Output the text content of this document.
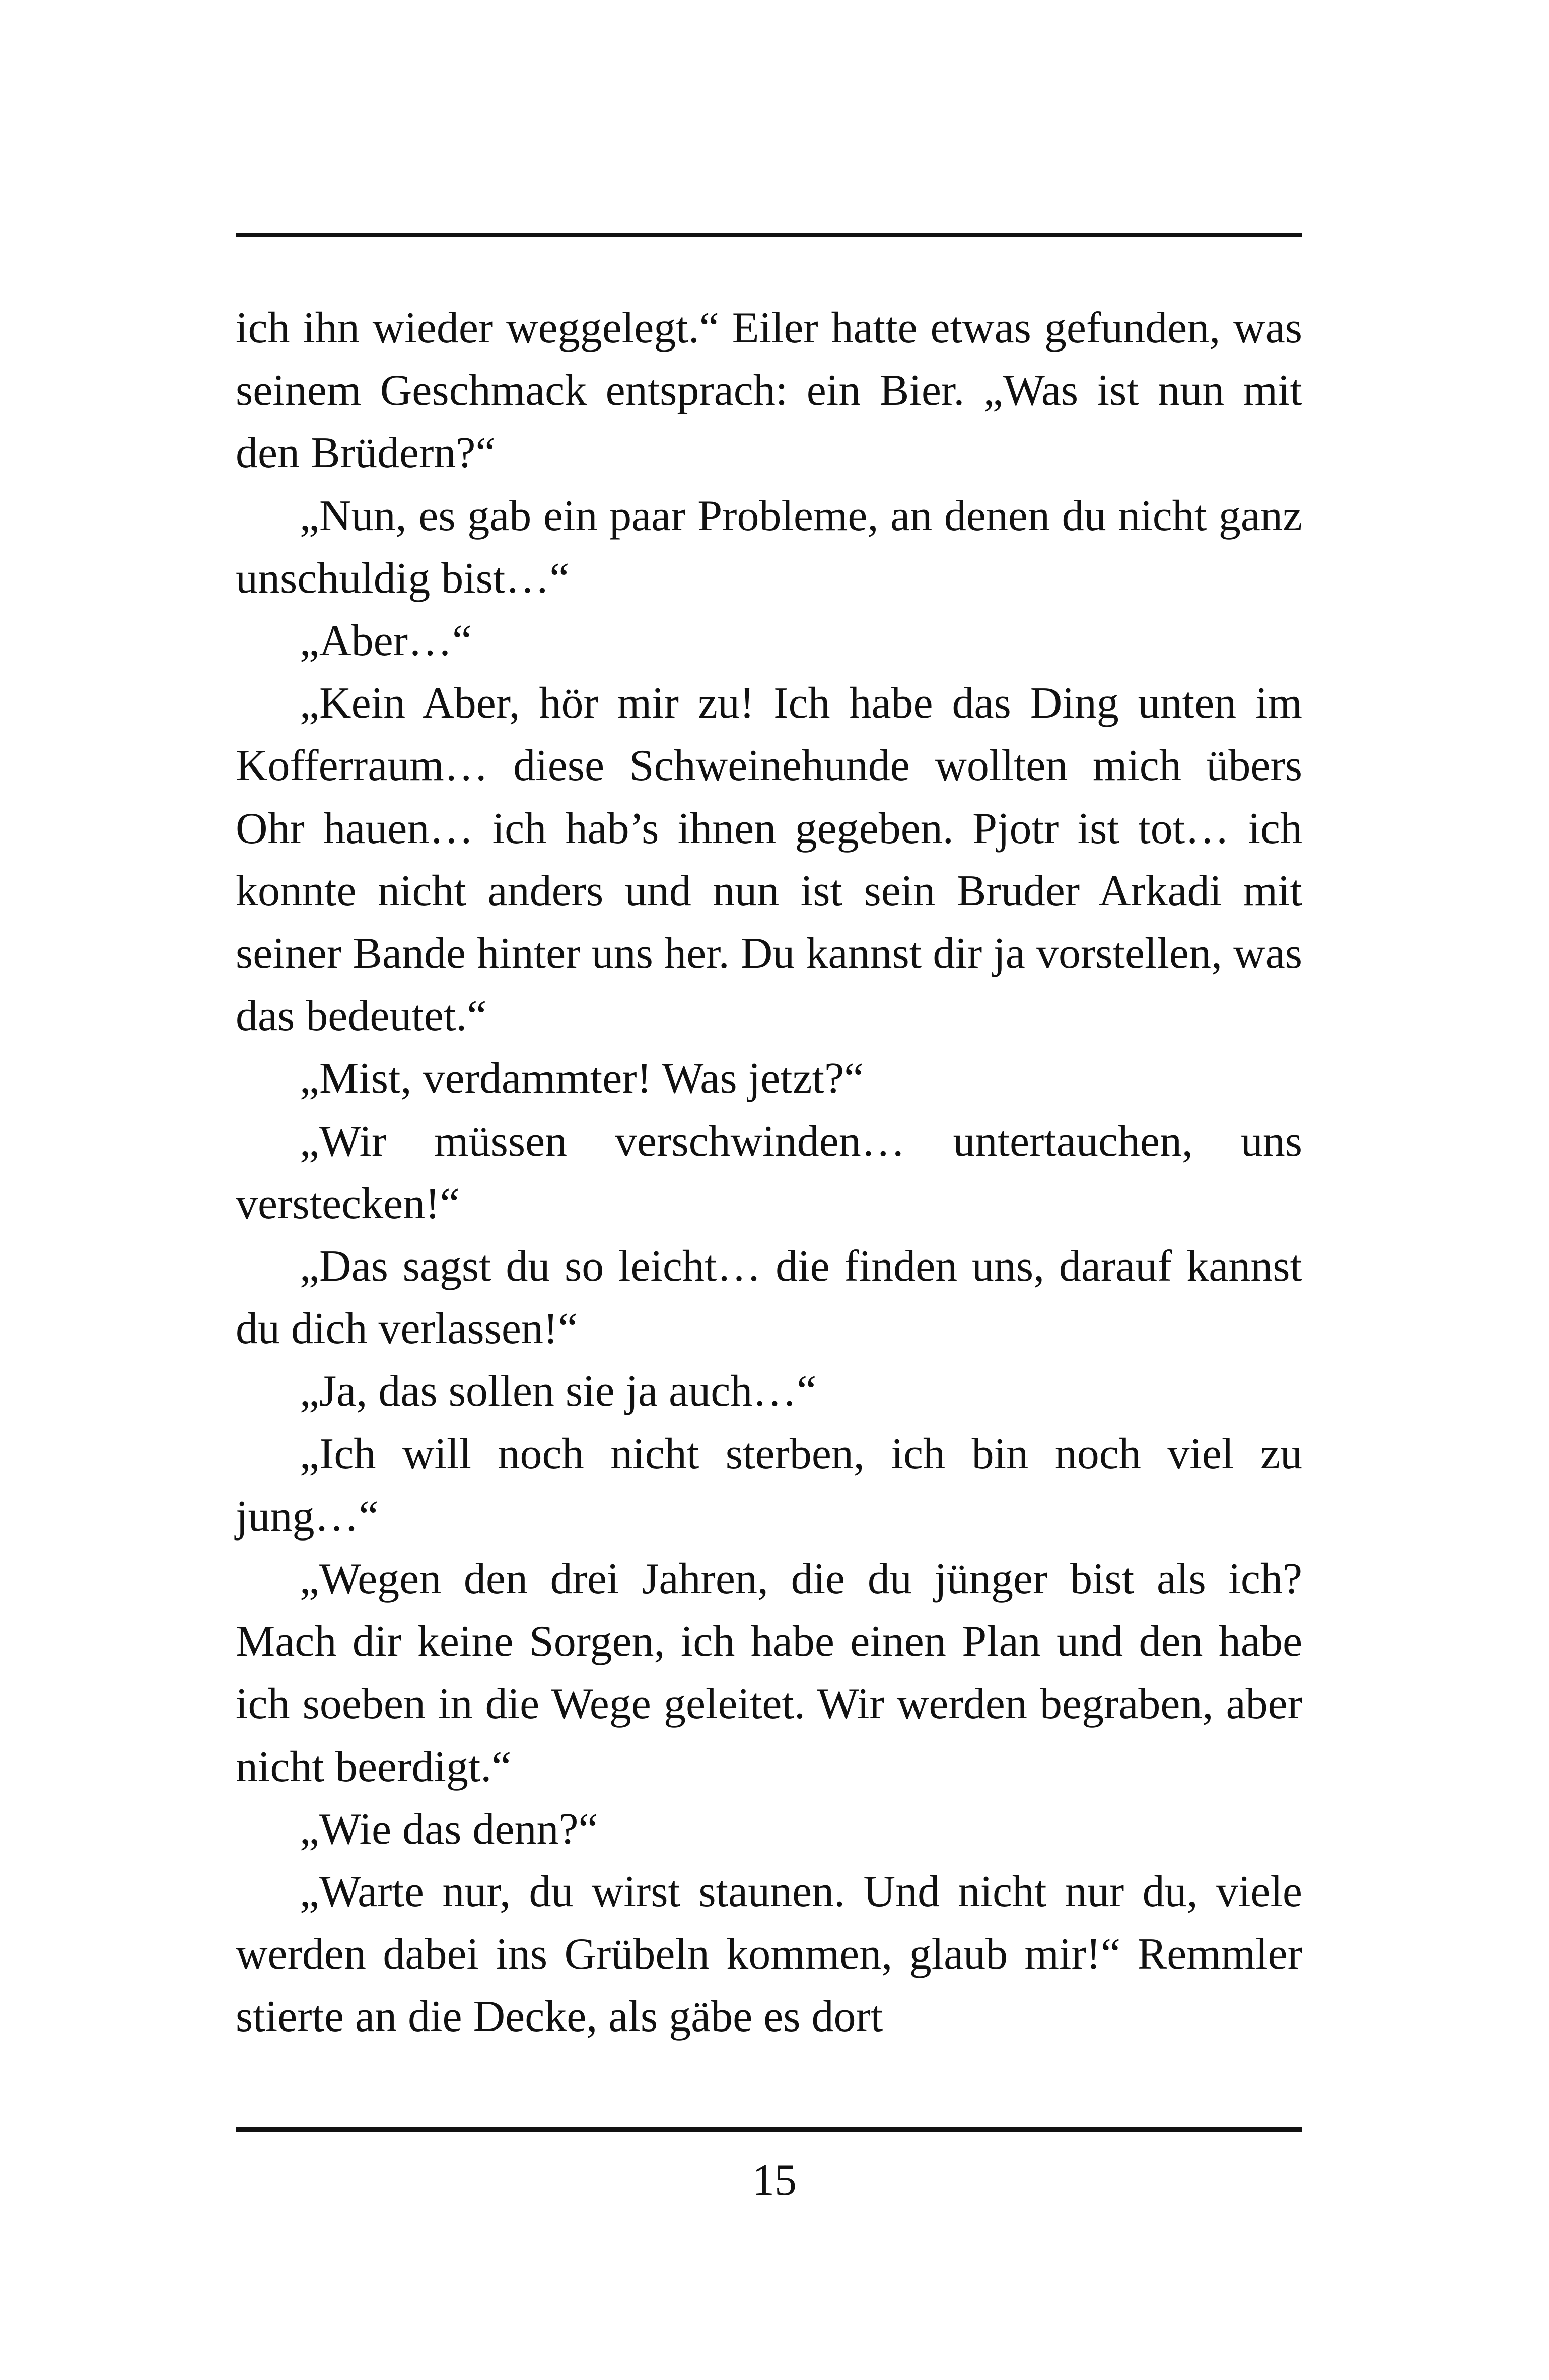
ich ihn wieder weggelegt.“ Eiler hatte etwas gefunden, was seinem Geschmack entsprach: ein Bier. „Was ist nun mit den Brüdern?“

„Nun, es gab ein paar Probleme, an denen du nicht ganz unschuldig bist…“

„Aber…“

„Kein Aber, hör mir zu! Ich habe das Ding unten im Kofferraum… diese Schweinehunde wollten mich übers Ohr hauen… ich hab’s ihnen gegeben. Pjotr ist tot… ich konnte nicht anders und nun ist sein Bruder Arkadi mit seiner Bande hinter uns her. Du kannst dir ja vorstellen, was das bedeutet.“

„Mist, verdammter! Was jetzt?“

„Wir müssen verschwinden… untertauchen, uns verstecken!“

„Das sagst du so leicht… die finden uns, darauf kannst du dich verlassen!“

„Ja, das sollen sie ja auch…“

„Ich will noch nicht sterben, ich bin noch viel zu jung…“

„Wegen den drei Jahren, die du jünger bist als ich? Mach dir keine Sorgen, ich habe einen Plan und den habe ich soeben in die Wege geleitet. Wir werden begraben, aber nicht beerdigt.“

„Wie das denn?“

„Warte nur, du wirst staunen. Und nicht nur du, viele werden dabei ins Grübeln kommen, glaub mir!“ Remmler stierte an die Decke, als gäbe es dort

15
